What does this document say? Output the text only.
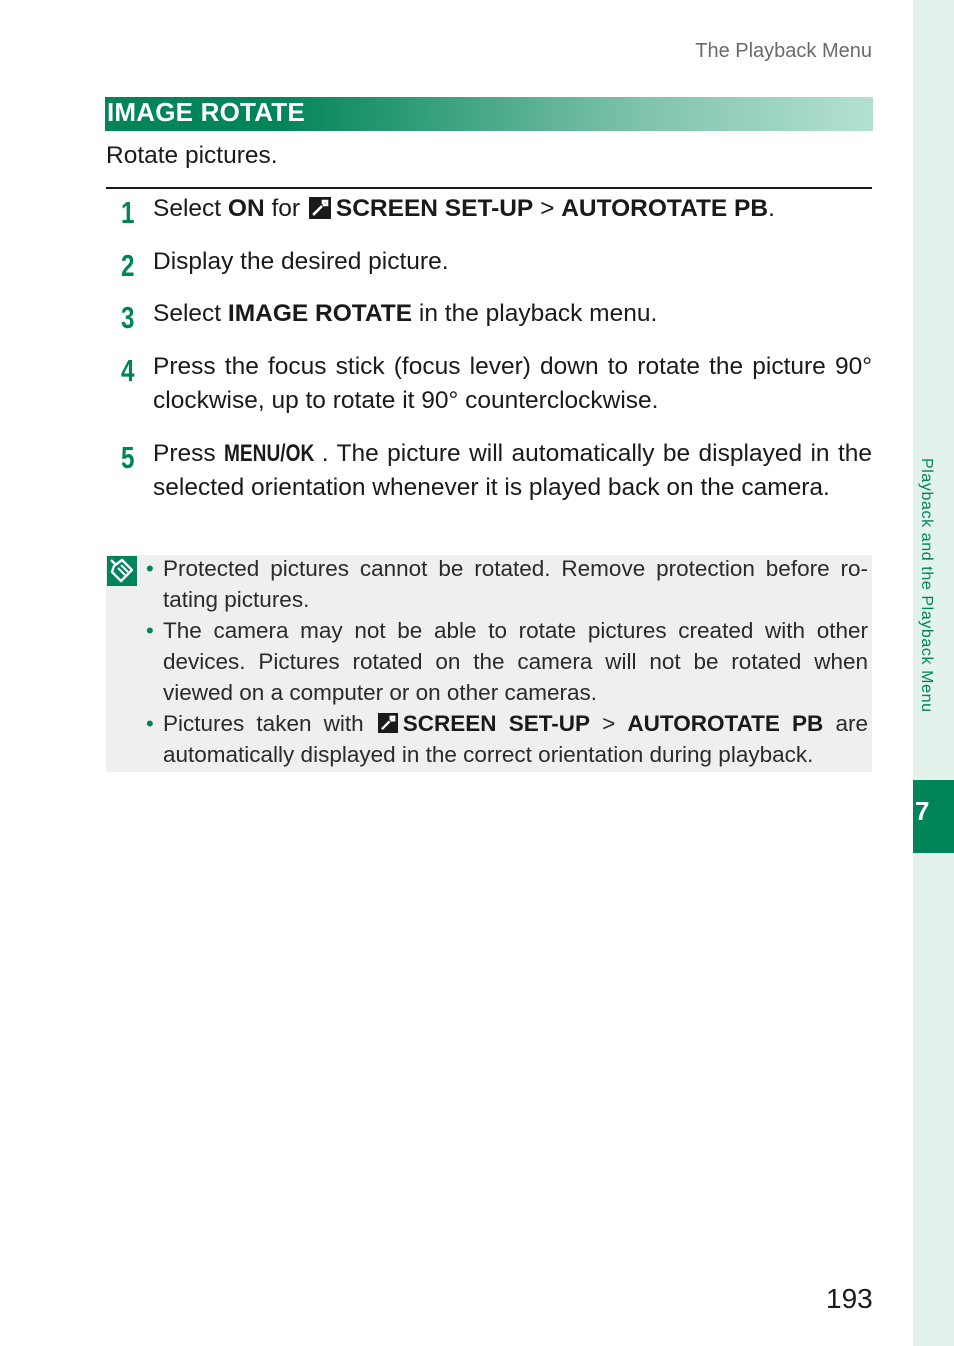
The Playback Menu
IMAGE ROTATE

Rotate pictures.

1 Select ON for
SCREEN SET-UP > AUTOROTATE PB.
2 Display the desired picture.
3 Select IMAGE ROTATE in the playback menu.
4 Press the focus stick (focus lever) down to rotate the picture 90° clockwise, up to rotate it 90° counterclockwise.
5 Press MENU/OK . The picture will automatically be displayed in the selected orientation whenever it is played back on the camera.
• Protected pictures cannot be rotated. Remove protection before rotating pictures.
• The camera may not be able to rotate pictures created with other devices. Pictures rotated on the camera will not be rotated when viewed on a computer or on other cameras.
• Pictures taken with
SCREEN SET-UP > AUTOROTATE PB are automatically displayed in the correct orientation during playback.
193
Playback and the Playback Menu
7
